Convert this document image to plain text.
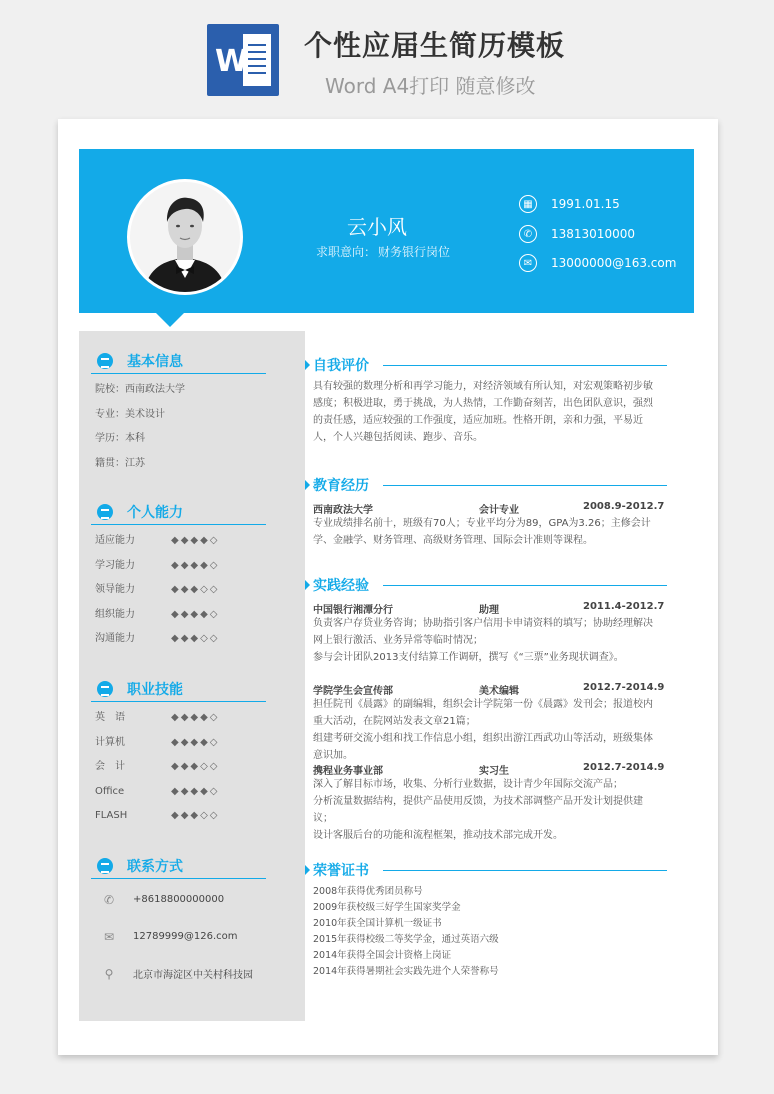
W 个性应届生简历模板
Word A4打印 随意修改
云小风
求职意向： 财务银行岗位
▦	1991.01.15
✆	13813010000
✉	13000000@163.com
基本信息
院校： 西南政法大学
专业： 美术设计
学历： 本科
籍贯： 江苏
个人能力
适应能力	◆◆◆◆◇
学习能力	◆◆◆◆◇
领导能力	◆◆◆◇◇
组织能力	◆◆◆◆◇
沟通能力	◆◆◆◇◇
职业技能
英　语	◆◆◆◆◇
计算机	◆◆◆◆◇
会　计	◆◆◆◇◇
Office	◆◆◆◆◇
FLASH	◆◆◆◇◇
联系方式
✆	+8618800000000
✉	12789999@126.com
⚲	北京市海淀区中关村科技园
自我评价
具有较强的数理分析和再学习能力，对经济领域有所认知，对宏观策略初步敏感度；积极进取，勇于挑战，为人热情，工作勤奋刻苦，出色团队意识，强烈的责任感，适应较强的工作强度，适应加班。性格开朗，亲和力强，平易近人，个人兴趣包括阅读、跑步、音乐。
教育经历
西南政法大学	会计专业	2008.9-2012.7
专业成绩排名前十，班级有70人；专业平均分为89，GPA为3.26；主修会计学、金融学、财务管理、高级财务管理、国际会计准则等课程。
实践经验
中国银行湘潭分行	助理	2011.4-2012.7
负责客户存贷业务咨询；协助指引客户信用卡申请资料的填写；协助经理解决网上银行激活、业务异常等临时情况；
参与会计团队2013支付结算工作调研，撰写《“三票”业务现状调查》。
学院学生会宣传部	美术编辑	2012.7-2014.9
担任院刊《晨露》的副编辑，组织会计学院第一份《晨露》发刊会；报道校内重大活动，在院网站发表文章21篇；
组建考研交流小组和找工作信息小组，组织出游江西武功山等活动，班级集体意识加。
携程业务事业部	实习生	2012.7-2014.9
深入了解目标市场，收集、分析行业数据，设计青少年国际交流产品；
分析流量数据结构，提供产品使用反馈，为技术部调整产品开发计划提供建议；
设计客服后台的功能和流程框架，推动技术部完成开发。
荣誉证书
2008年获得优秀团员称号
2009年获校级三好学生国家奖学金
2010年获全国计算机一级证书
2015年获得校级二等奖学金，通过英语六级
2014年获得全国会计资格上岗证
2014年获得暑期社会实践先进个人荣誉称号
